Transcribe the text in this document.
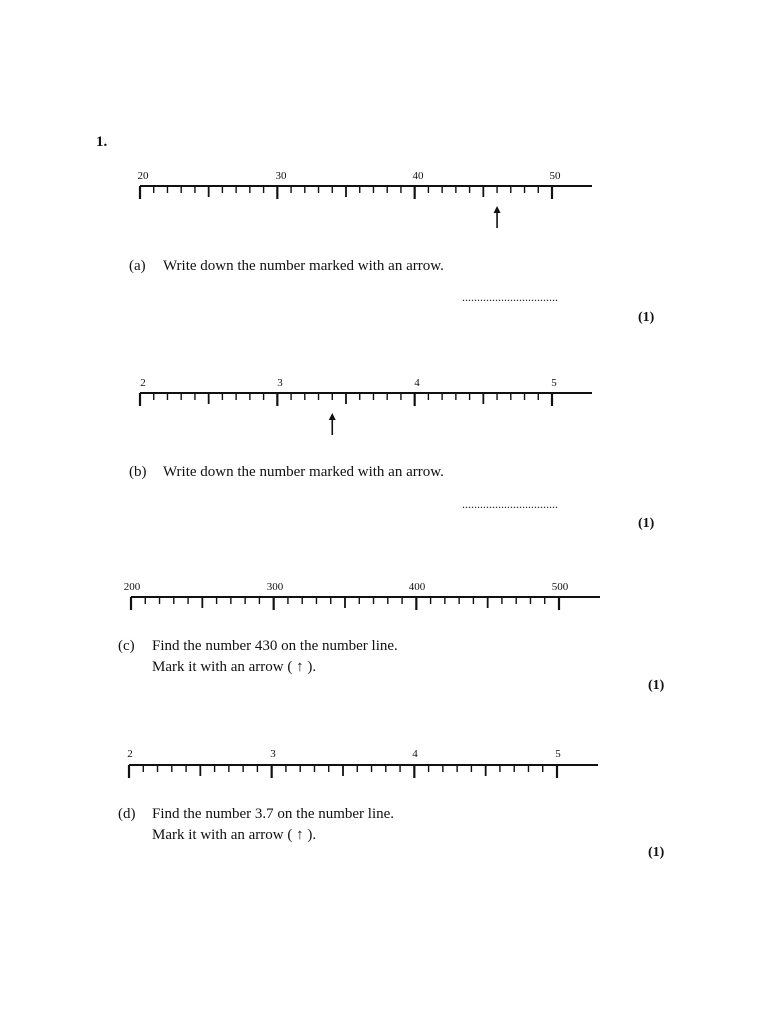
1.
20	30	40	50
(a) Write down the number marked with an arrow.
................................
(1)
2	3	4	5
(b) Write down the number marked with an arrow.
................................
(1)
200	300	400	500
(c) Find the number 430 on the number line.
Mark it with an arrow ( ↑ ).
(1)
2	3	4	5
(d) Find the number 3.7 on the number line.
Mark it with an arrow ( ↑ ).
(1)
